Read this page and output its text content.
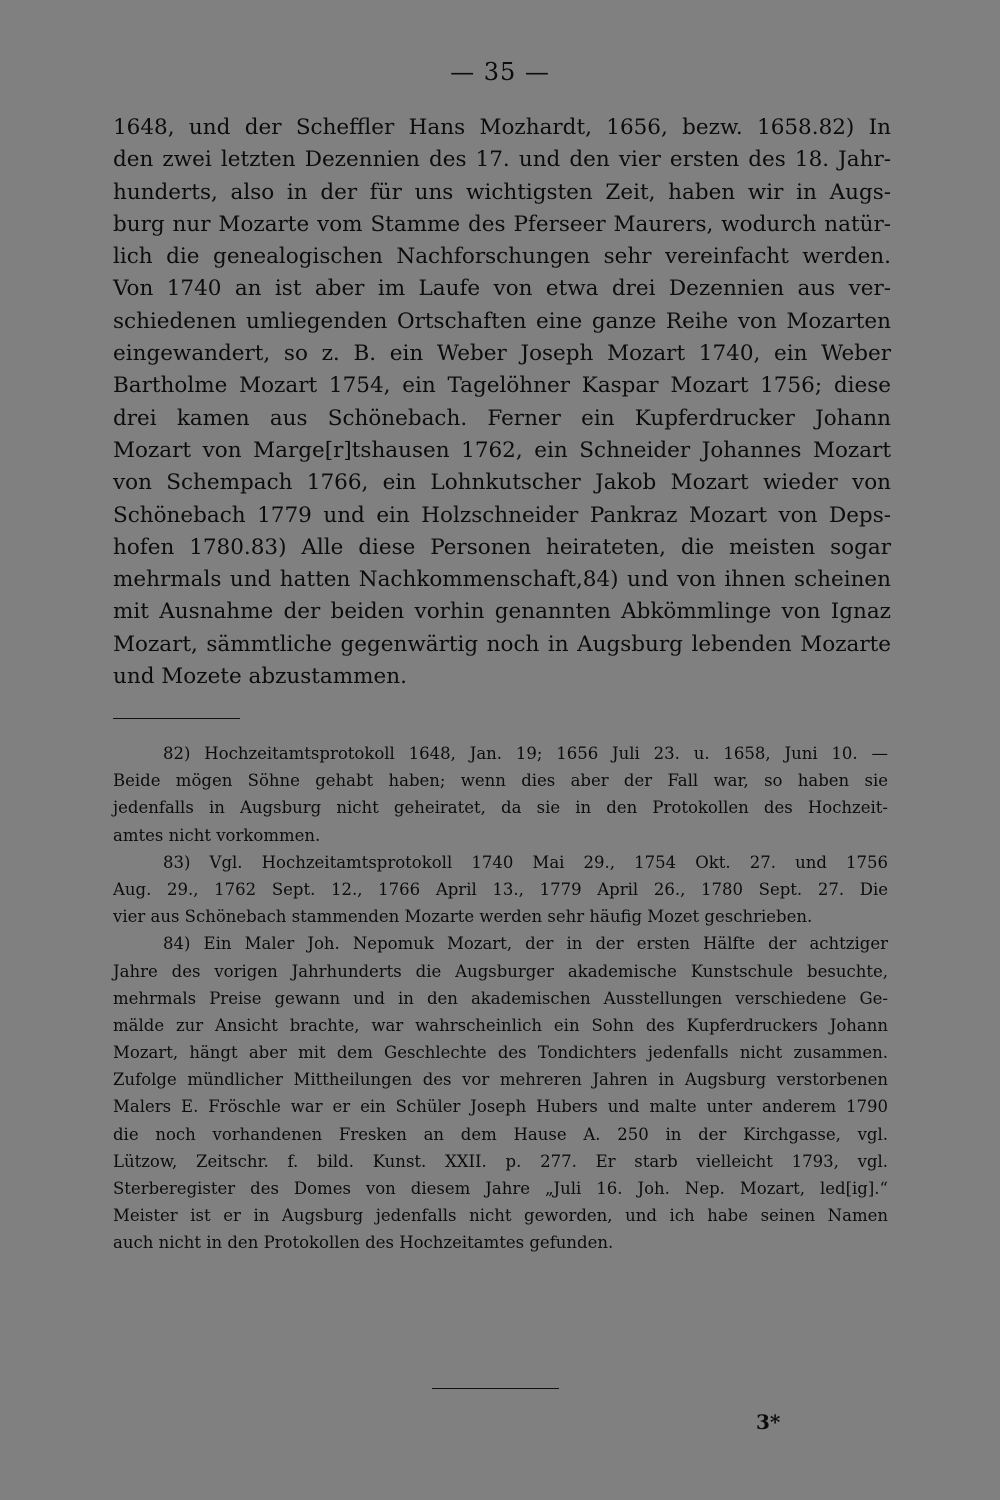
— 35 —
1648, und der Scheffler Hans Mozhardt, 1656, bezw. 1658.82) In
den zwei letzten Dezennien des 17. und den vier ersten des 18. Jahr-
hunderts, also in der für uns wichtigsten Zeit, haben wir in Augs-
burg nur Mozarte vom Stamme des Pferseer Maurers, wodurch natür-
lich die genealogischen Nachforschungen sehr vereinfacht werden.
Von 1740 an ist aber im Laufe von etwa drei Dezennien aus ver-
schiedenen umliegenden Ortschaften eine ganze Reihe von Mozarten
eingewandert, so z. B. ein Weber Joseph Mozart 1740, ein Weber
Bartholme Mozart 1754, ein Tagelöhner Kaspar Mozart 1756; diese
drei kamen aus Schönebach. Ferner ein Kupferdrucker Johann
Mozart von Marge[r]tshausen 1762, ein Schneider Johannes Mozart
von Schempach 1766, ein Lohnkutscher Jakob Mozart wieder von
Schönebach 1779 und ein Holzschneider Pankraz Mozart von Deps-
hofen 1780.83) Alle diese Personen heirateten, die meisten sogar
mehrmals und hatten Nachkommenschaft,84) und von ihnen scheinen
mit Ausnahme der beiden vorhin genannten Abkömmlinge von Ignaz
Mozart, sämmtliche gegenwärtig noch in Augsburg lebenden Mozarte
und Mozete abzustammen.
82) Hochzeitamtsprotokoll 1648, Jan. 19; 1656 Juli 23. u. 1658, Juni 10. —
Beide mögen Söhne gehabt haben; wenn dies aber der Fall war, so haben sie
jedenfalls in Augsburg nicht geheiratet, da sie in den Protokollen des Hochzeit-
amtes nicht vorkommen.
83) Vgl. Hochzeitamtsprotokoll 1740 Mai 29., 1754 Okt. 27. und 1756
Aug. 29., 1762 Sept. 12., 1766 April 13., 1779 April 26., 1780 Sept. 27. Die
vier aus Schönebach stammenden Mozarte werden sehr häufig Mozet geschrieben.
84) Ein Maler Joh. Nepomuk Mozart, der in der ersten Hälfte der achtziger
Jahre des vorigen Jahrhunderts die Augsburger akademische Kunstschule besuchte,
mehrmals Preise gewann und in den akademischen Ausstellungen verschiedene Ge-
mälde zur Ansicht brachte, war wahrscheinlich ein Sohn des Kupferdruckers Johann
Mozart, hängt aber mit dem Geschlechte des Tondichters jedenfalls nicht zusammen.
Zufolge mündlicher Mittheilungen des vor mehreren Jahren in Augsburg verstorbenen
Malers E. Fröschle war er ein Schüler Joseph Hubers und malte unter anderem 1790
die noch vorhandenen Fresken an dem Hause A. 250 in der Kirchgasse, vgl.
Lützow, Zeitschr. f. bild. Kunst. XXII. p. 277. Er starb vielleicht 1793, vgl.
Sterberegister des Domes von diesem Jahre „Juli 16. Joh. Nep. Mozart, led[ig].“
Meister ist er in Augsburg jedenfalls nicht geworden, und ich habe seinen Namen
auch nicht in den Protokollen des Hochzeitamtes gefunden.
3*
